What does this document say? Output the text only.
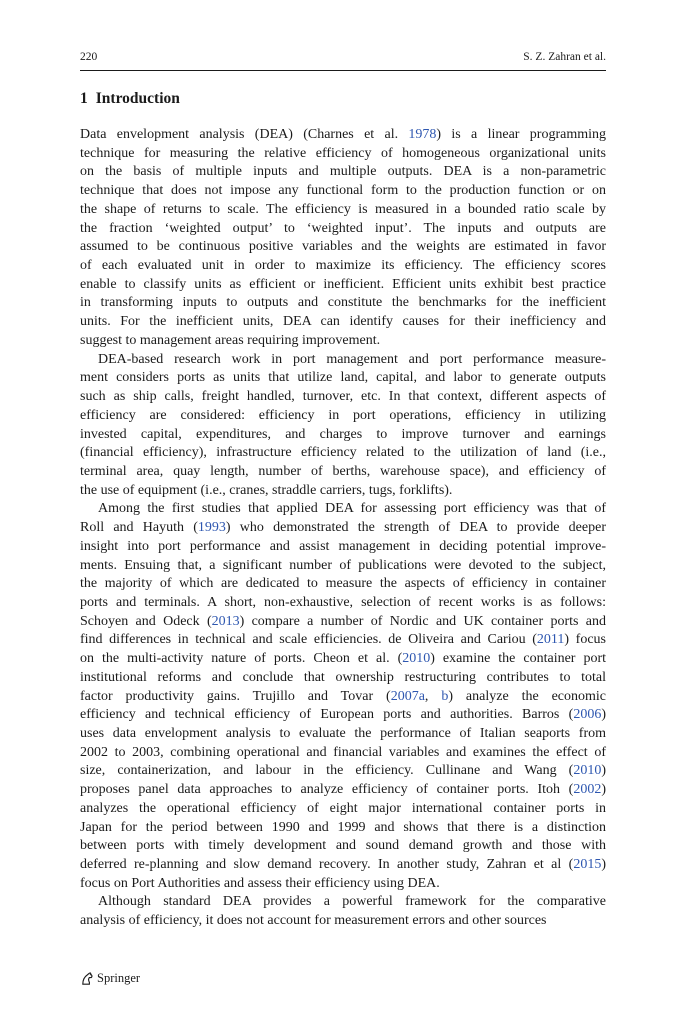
220	S. Z. Zahran et al.
1 Introduction

Data envelopment analysis (DEA) (Charnes et al. 1978) is a linear programming

technique for measuring the relative efficiency of homogeneous organizational units

on the basis of multiple inputs and multiple outputs. DEA is a non-parametric

technique that does not impose any functional form to the production function or on

the shape of returns to scale. The efficiency is measured in a bounded ratio scale by

the fraction ‘weighted output’ to ‘weighted input’. The inputs and outputs are

assumed to be continuous positive variables and the weights are estimated in favor

of each evaluated unit in order to maximize its efficiency. The efficiency scores

enable to classify units as efficient or inefficient. Efficient units exhibit best practice

in transforming inputs to outputs and constitute the benchmarks for the inefficient

units. For the inefficient units, DEA can identify causes for their inefficiency and

suggest to management areas requiring improvement.

DEA-based research work in port management and port performance measure-

ment considers ports as units that utilize land, capital, and labor to generate outputs

such as ship calls, freight handled, turnover, etc. In that context, different aspects of

efficiency are considered: efficiency in port operations, efficiency in utilizing

invested capital, expenditures, and charges to improve turnover and earnings

(financial efficiency), infrastructure efficiency related to the utilization of land (i.e.,

terminal area, quay length, number of berths, warehouse space), and efficiency of

the use of equipment (i.e., cranes, straddle carriers, tugs, forklifts).

Among the first studies that applied DEA for assessing port efficiency was that of

Roll and Hayuth (1993) who demonstrated the strength of DEA to provide deeper

insight into port performance and assist management in deciding potential improve-

ments. Ensuing that, a significant number of publications were devoted to the subject,

the majority of which are dedicated to measure the aspects of efficiency in container

ports and terminals. A short, non-exhaustive, selection of recent works is as follows:

Schoyen and Odeck (2013) compare a number of Nordic and UK container ports and

find differences in technical and scale efficiencies. de Oliveira and Cariou (2011) focus

on the multi-activity nature of ports. Cheon et al. (2010) examine the container port

institutional reforms and conclude that ownership restructuring contributes to total

factor productivity gains. Trujillo and Tovar (2007a, b) analyze the economic

efficiency and technical efficiency of European ports and authorities. Barros (2006)

uses data envelopment analysis to evaluate the performance of Italian seaports from

2002 to 2003, combining operational and financial variables and examines the effect of

size, containerization, and labour in the efficiency. Cullinane and Wang (2010)

proposes panel data approaches to analyze efficiency of container ports. Itoh (2002)

analyzes the operational efficiency of eight major international container ports in

Japan for the period between 1990 and 1999 and shows that there is a distinction

between ports with timely development and sound demand growth and those with

deferred re-planning and slow demand recovery. In another study, Zahran et al (2015)

focus on Port Authorities and assess their efficiency using DEA.

Although standard DEA provides a powerful framework for the comparative

analysis of efficiency, it does not account for measurement errors and other sources

Springer
